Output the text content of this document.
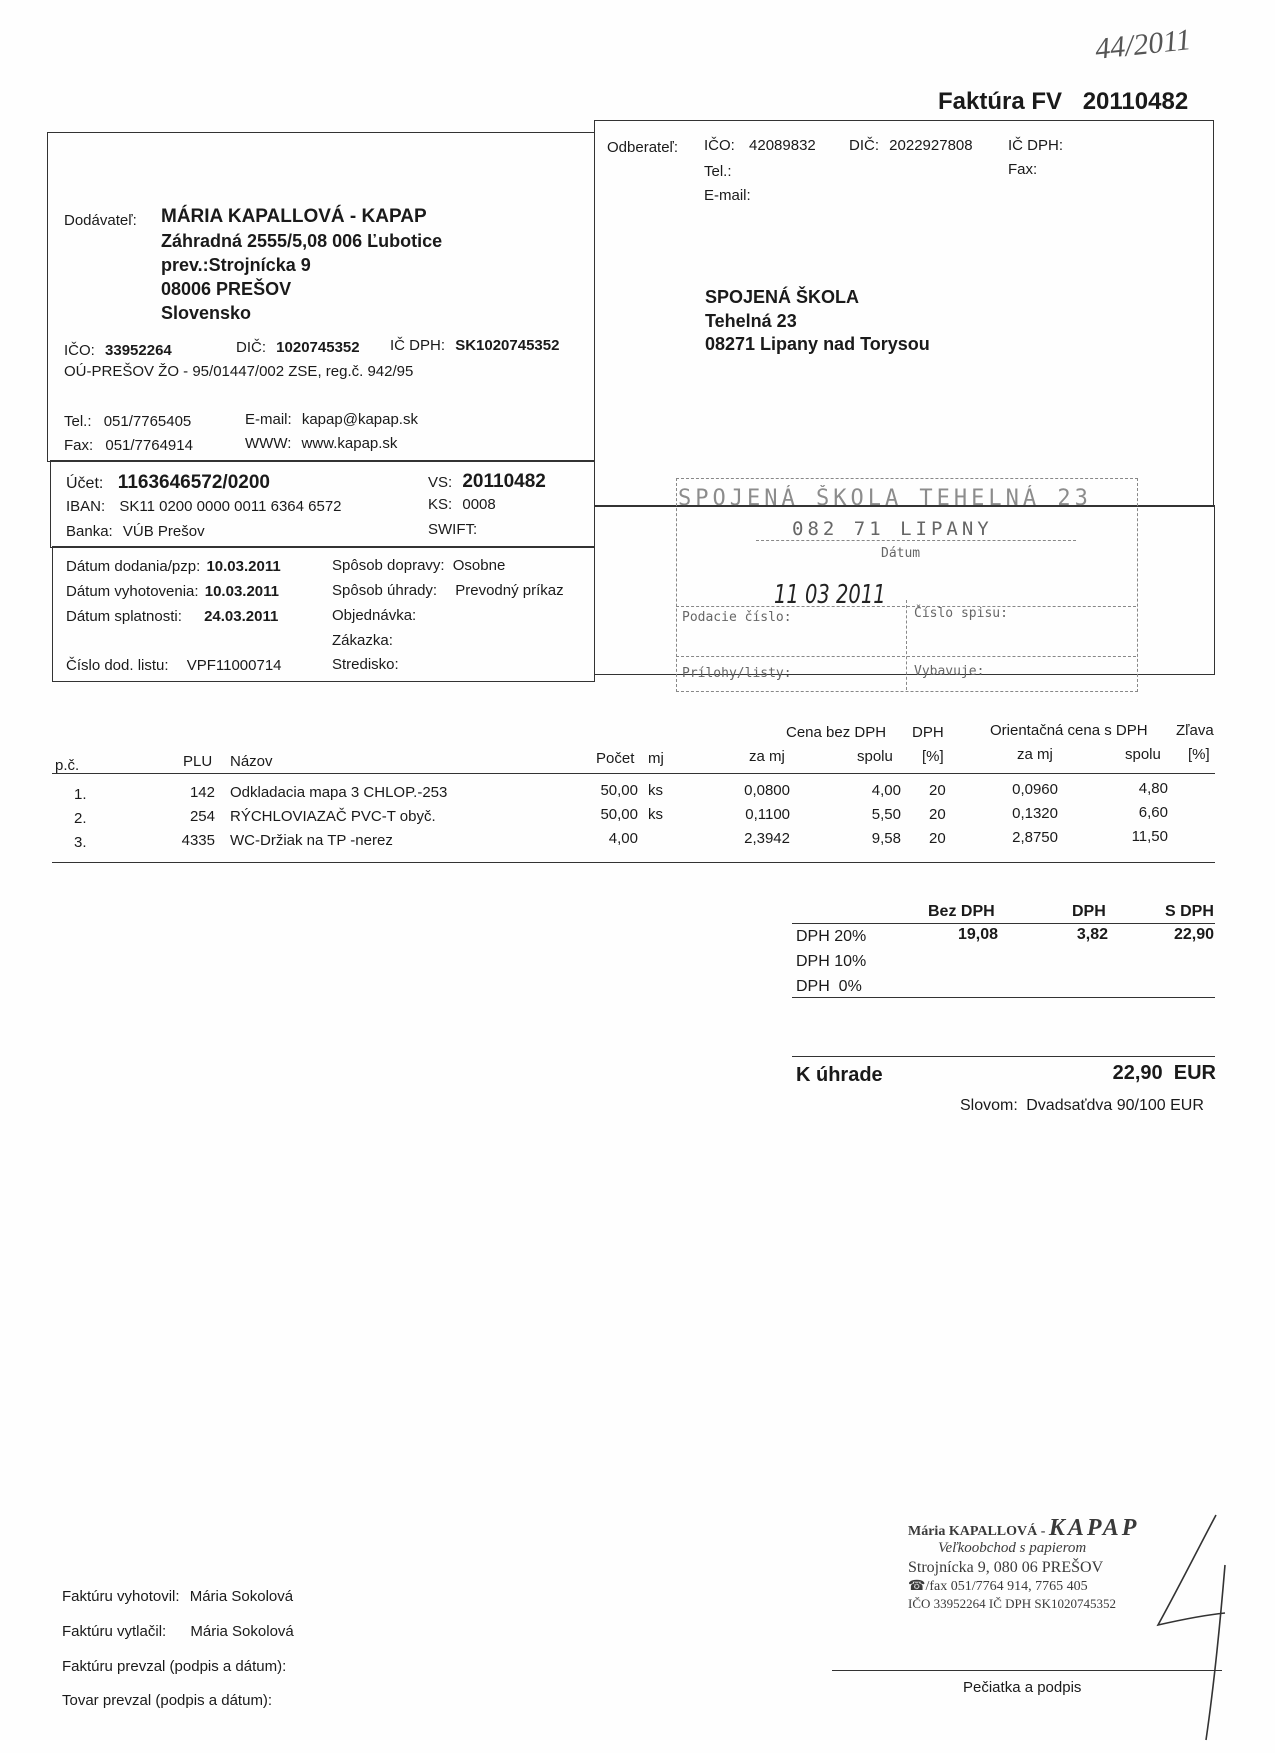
44/2011
Faktúra FV 20110482
Dodávateľ: MÁRIA KAPALLOVÁ - KAPAP
Záhradná 2555/5,08 006 Ľubotice
prev.:Strojnícka 9
08006 PREŠOV
Slovensko
IČO: 33952264	DIČ: 1020745352 IČ DPH: SK1020745352
OÚ-PREŠOV ŽO - 95/01447/002 ZSE, reg.č. 942/95
Tel.: 051/7765405
Fax: 051/7764914
E-mail: kapap@kapap.sk
WWW: www.kapap.sk
Účet: 1163646572/0200
IBAN: SK11 0200 0000 0011 6364 6572
Banka: VÚB Prešov
VS: 20110482
KS: 0008
SWIFT:
Dátum dodania/pzp: 10.03.2011
Dátum vyhotovenia: 10.03.2011
Dátum splatnosti: 24.03.2011
Číslo dod. listu: VPF11000714
Spôsob dopravy: Osobne
Spôsob úhrady: Prevodný príkaz
Objednávka:
Zákazka:
Stredisko:
Odberateľ: IČO: 42089832 DIČ: 2022927808 IČ DPH:
Tel.:	Fax:
E-mail:
SPOJENÁ ŠKOLA
Tehelná 23
08271 Lipany nad Torysou
SPOJENÁ ŠKOLA TEHELNÁ 23
082 71 LIPANY
Dátum
11 03 2011
Podacie číslo:	Číslo spisu:
Prílohy/listy:	Vybavuje:
Cena bez DPH DPH	Orientačná cena s DPH Zľava
p.č.	PLU Názov	Počet mj	za mj	spolu [%]	za mj	spolu [%]
1.	142 Odkladacia mapa 3 CHLOP.-253	50,00 ks	0,0800	4,00 20	0,0960	4,80
2.	254 RÝCHLOVIAZAČ PVC-T obyč.	50,00 ks	0,1100	5,50 20	0,1320	6,60
3.	4335 WC-Držiak na TP -nerez	4,00	2,3942	9,58 20	2,8750	11,50
Bez DPH	DPH	S DPH
DPH 20%	19,08	3,82	22,90
DPH 10%
DPH  0%
K úhrade	22,90  EUR
Slovom: Dvadsaťdva 90/100 EUR
Mária KAPALLOVÁ - KAPAP
Veľkoobchod s papierom
Strojnícka 9, 080 06 PREŠOV
☎/fax 051/7764 914, 7765 405
IČO 33952264 IČ DPH SK1020745352
Faktúru vyhotovil: Mária Sokolová
Faktúru vytlačil: Mária Sokolová
Faktúru prevzal (podpis a dátum):
Tovar prevzal (podpis a dátum):
Pečiatka a podpis
